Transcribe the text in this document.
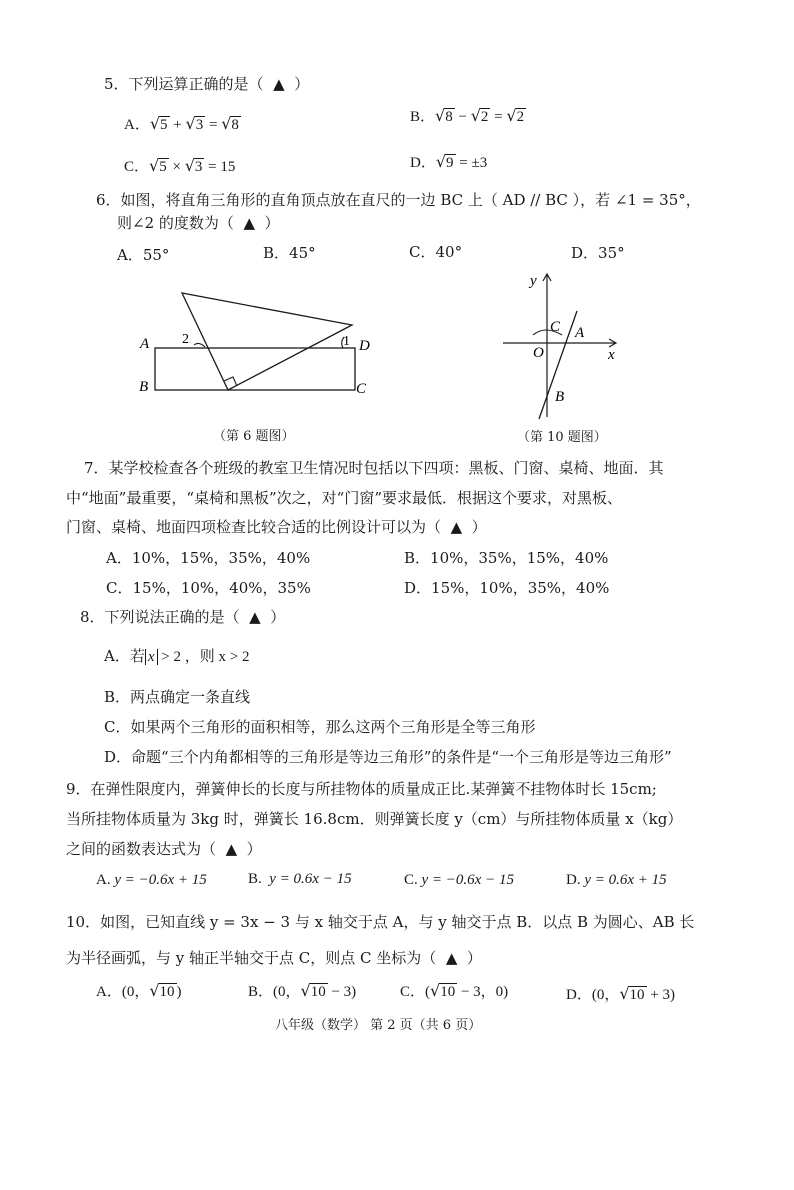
5．下列运算正确的是（ ▲ ）
A．√5 + √3 = √8	B．√8 − √2 = √2
C．√5 × √3 = 15	D．√9 = ±3
6．如图，将直角三角形的直角顶点放在直尺的一边 BC 上（ AD // BC ），若 ∠1 = 35°，
则∠2 的度数为（ ▲ ）
A．55°	B．45°	C．40°	D．35°
A
B	C
D
2	1
（第 6 题图）
y
x
O
C A
B
（第 10 题图）
7．某学校检查各个班级的教室卫生情况时包括以下四项：黑板、门窗、桌椅、地面．其
中“地面”最重要，“桌椅和黑板”次之，对“门窗”要求最低．根据这个要求，对黑板、
门窗、桌椅、地面四项检查比较合适的比例设计可以为（ ▲ ）
A．10%，15%，35%，40%	B．10%，35%，15%，40%
C．15%，10%，40%，35%	D．15%，10%，35%，40%
8．下列说法正确的是（ ▲ ）
A．若 x > 2 ，则 x > 2
B．两点确定一条直线
C．如果两个三角形的面积相等，那么这两个三角形是全等三角形
D．命题“三个内角都相等的三角形是等边三角形”的条件是“一个三角形是等边三角形”
9．在弹性限度内，弹簧伸长的长度与所挂物体的质量成正比.某弹簧不挂物体时长 15cm;
当所挂物体质量为 3kg 时，弹簧长 16.8cm．则弹簧长度 y（cm）与所挂物体质量 x（kg）
之间的函数表达式为（ ▲ ）
A. y = −0.6x + 15	B. y = 0.6x − 15	C. y = −0.6x − 15	D. y = 0.6x + 15
10．如图，已知直线 y = 3x − 3 与 x 轴交于点 A，与 y 轴交于点 B．以点 B 为圆心、AB 长
为半径画弧，与 y 轴正半轴交于点 C，则点 C 坐标为（ ▲ ）
A．(0，√10 )	B．(0，√10 − 3)	C．(√10 − 3，0)	D．(0，√10 + 3)
八年级（数学） 第 2 页（共 6 页）
